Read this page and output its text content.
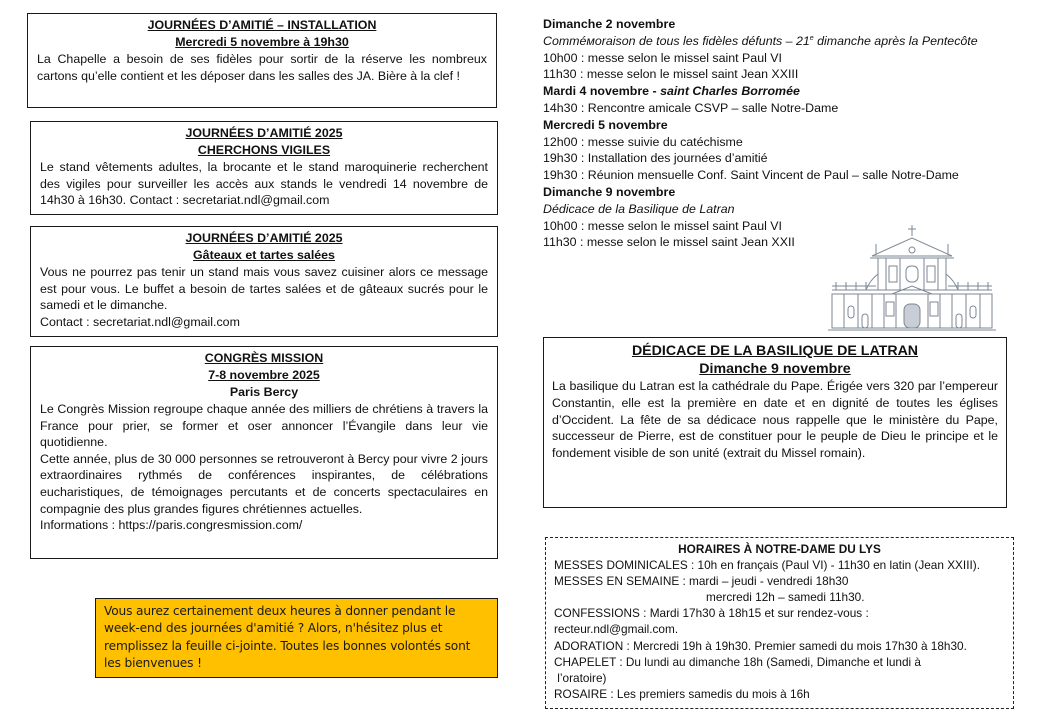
JOURNÉES D’AMITIÉ – INSTALLATION
Mercredi 5 novembre à 19h30

La Chapelle a besoin de ses fidèles pour sortir de la réserve les nombreux cartons qu’elle contient et les déposer dans les salles des JA. Bière à la clef !

JOURNÉES D’AMITIÉ 2025
CHERCHONS VIGILES

Le stand vêtements adultes, la brocante et le stand maroquinerie recherchent des vigiles pour surveiller les accès aux stands le vendredi 14 novembre de 14h30 à 16h30. Contact : secretariat.ndl@gmail.com

JOURNÉES D’AMITIÉ 2025
Gâteaux et tartes salées

Vous ne pourrez pas tenir un stand mais vous savez cuisiner alors ce message est pour vous. Le buffet a besoin de tartes salées et de gâteaux sucrés pour le samedi et le dimanche.

Contact : secretariat.ndl@gmail.com

CONGRÈS MISSION
7-8 novembre 2025
Paris Bercy

Le Congrès Mission regroupe chaque année des milliers de chrétiens à travers la France pour prier, se former et oser annoncer l’Évangile dans leur vie quotidienne.

Cette année, plus de 30 000 personnes se retrouveront à Bercy pour vivre 2 jours extraordinaires rythmés de conférences inspirantes, de célébrations eucharistiques, de témoignages percutants et de concerts spectaculaires en compagnie des plus grandes figures chrétiennes actuelles.

Informations : https://paris.congresmission.com/

Vous aurez certainement deux heures à donner pendant le week-end des journées d'amitié ? Alors, n'hésitez plus et remplissez la feuille ci-jointe. Toutes les bonnes volontés sont les bienvenues !
Dimanche 2 novembre
Comméмoraison de tous les fidèles défunts – 21e dimanche après la Pentecôte
10h00 : messe selon le missel saint Paul VI
11h30 : messe selon le missel saint Jean XXIII
Mardi 4 novembre - saint Charles Borromée
14h30 : Rencontre amicale CSVP – salle Notre-Dame
Mercredi 5 novembre
12h00 : messe suivie du catéchisme
19h30 : Installation des journées d’amitié
19h30 : Réunion mensuelle Conf. Saint Vincent de Paul – salle Notre-Dame
Dimanche 9 novembre
Dédicace de la Basilique de Latran
10h00 : messe selon le missel saint Paul VI
11h30 : messe selon le missel saint Jean XXII
DÉDICACE DE LA BASILIQUE DE LATRAN
Dimanche 9 novembre

La basilique du Latran est la cathédrale du Pape. Érigée vers 320 par l’empereur Constantin, elle est la première en date et en dignité de toutes les églises d’Occident. La fête de sa dédicace nous rappelle que le ministère du Pape, successeur de Pierre, est de constituer pour le peuple de Dieu le principe et le fondement visible de son unité (extrait du Missel romain).

HORAIRES À NOTRE-DAME DU LYS
MESSES DOMINICALES : 10h en français (Paul VI) - 11h30 en latin (Jean XXIII).
MESSES EN SEMAINE : mardi – jeudi - vendredi 18h30
mercredi 12h – samedi 11h30.
CONFESSIONS : Mardi 17h30 à 18h15 et sur rendez-vous :
recteur.ndl@gmail.com.
ADORATION : Mercredi 19h à 19h30. Premier samedi du mois 17h30 à 18h30.
CHAPELET : Du lundi au dimanche 18h (Samedi, Dimanche et lundi à
l’oratoire)
ROSAIRE : Les premiers samedis du mois à 16h
